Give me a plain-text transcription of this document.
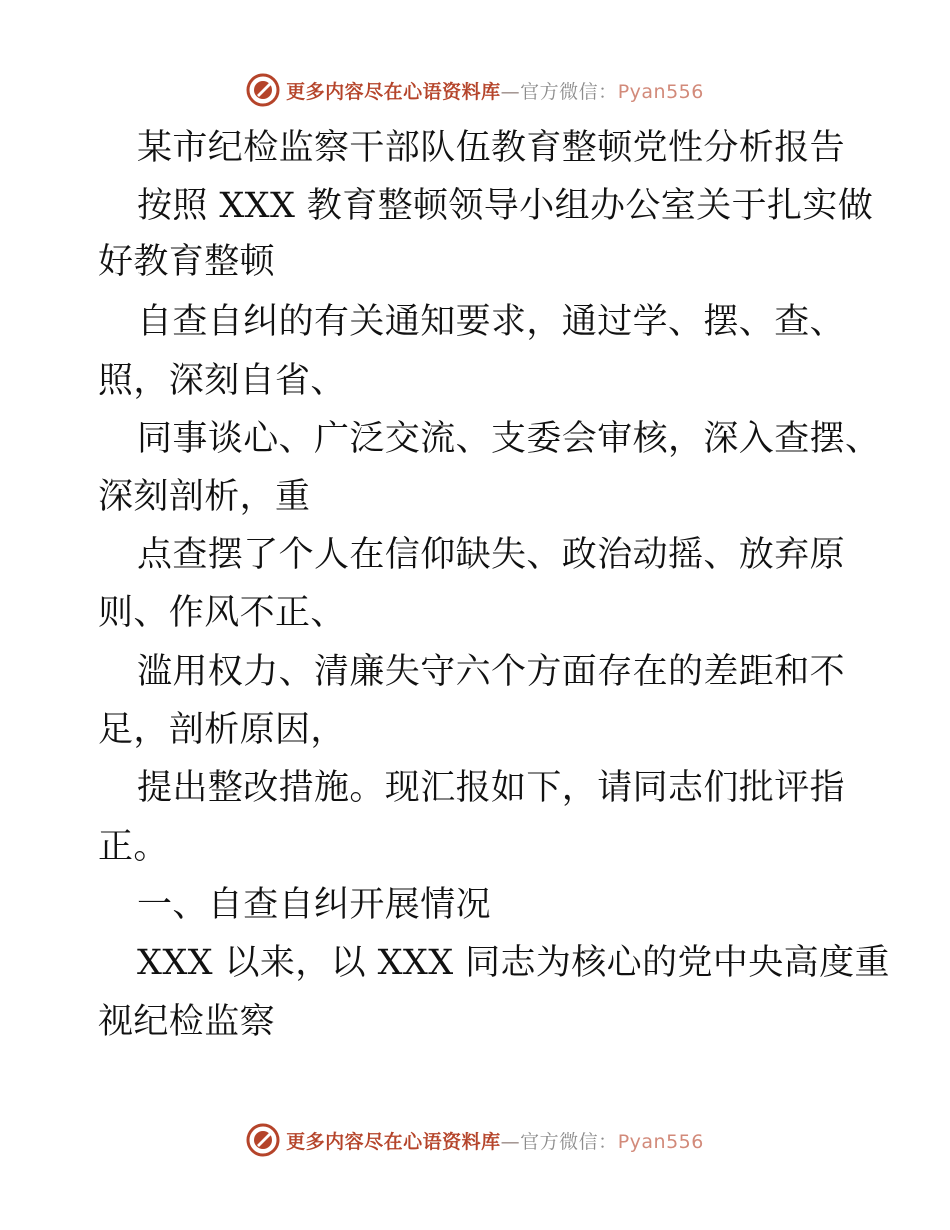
更多内容尽在心语资料库—官方微信：Pyan556
某市纪检监察干部队伍教育整顿党性分析报告
按照 XXX 教育整顿领导小组办公室关于扎实做
好教育整顿
自查自纠的有关通知要求，通过学、摆、查、
照，深刻自省、
同事谈心、广泛交流、支委会审核，深入查摆、
深刻剖析，重
点查摆了个人在信仰缺失、政治动摇、放弃原
则、作风不正、
滥用权力、清廉失守六个方面存在的差距和不
足，剖析原因，
提出整改措施。现汇报如下，请同志们批评指
正。
一、自查自纠开展情况
XXX 以来，以 XXX 同志为核心的党中央高度重
视纪检监察
更多内容尽在心语资料库—官方微信：Pyan556
